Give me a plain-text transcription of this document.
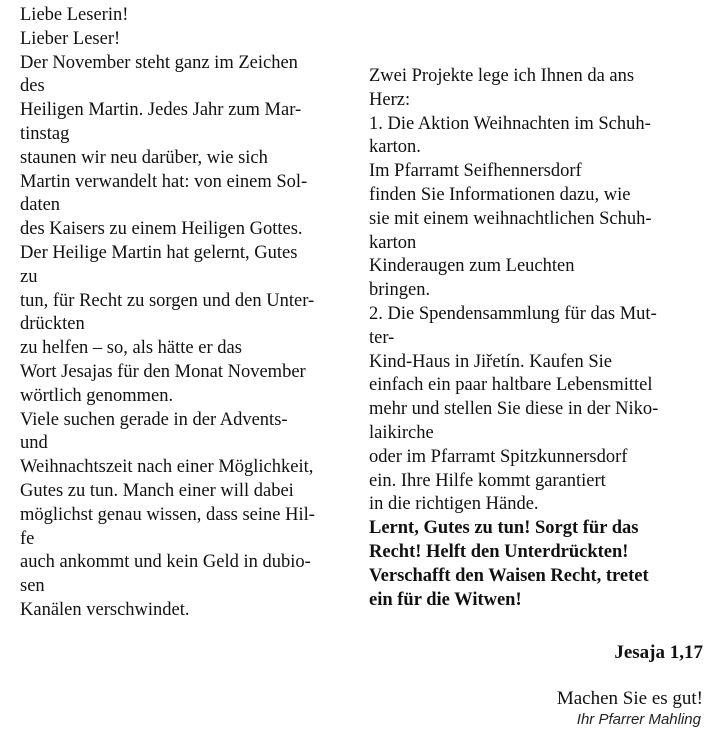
Liebe Leserin!
Lieber Leser!
Der November steht ganz im Zeichen
des
Heiligen Martin. Jedes Jahr zum Mar-
tinstag
staunen wir neu darüber, wie sich
Martin verwandelt hat: von einem Sol-
daten
des Kaisers zu einem Heiligen Gottes.
Der Heilige Martin hat gelernt, Gutes
zu
tun, für Recht zu sorgen und den Unter-
drückten
zu helfen – so, als hätte er das
Wort Jesajas für den Monat November
wörtlich genommen.
Viele suchen gerade in der Advents-
und
Weihnachtszeit nach einer Möglichkeit,
Gutes zu tun. Manch einer will dabei
möglichst genau wissen, dass seine Hil-
fe
auch ankommt und kein Geld in dubio-
sen
Kanälen verschwindet.
Zwei Projekte lege ich Ihnen da ans
Herz:
1. Die Aktion Weihnachten im Schuh-
karton.
Im Pfarramt Seifhennersdorf
finden Sie Informationen dazu, wie
sie mit einem weihnachtlichen Schuh-
karton
Kinderaugen zum Leuchten
bringen.
2. Die Spendensammlung für das Mut-
ter-
Kind-Haus in Jiřetín. Kaufen Sie
einfach ein paar haltbare Lebensmittel
mehr und stellen Sie diese in der Niko-
laikirche
oder im Pfarramt Spitzkunnersdorf
ein. Ihre Hilfe kommt garantiert
in die richtigen Hände.
Lernt, Gutes zu tun! Sorgt für das
Recht! Helft den Unterdrückten!
Verschafft den Waisen Recht, tretet
ein für die Witwen!
Jesaja 1,17
Machen Sie es gut!
Ihr Pfarrer Mahling
